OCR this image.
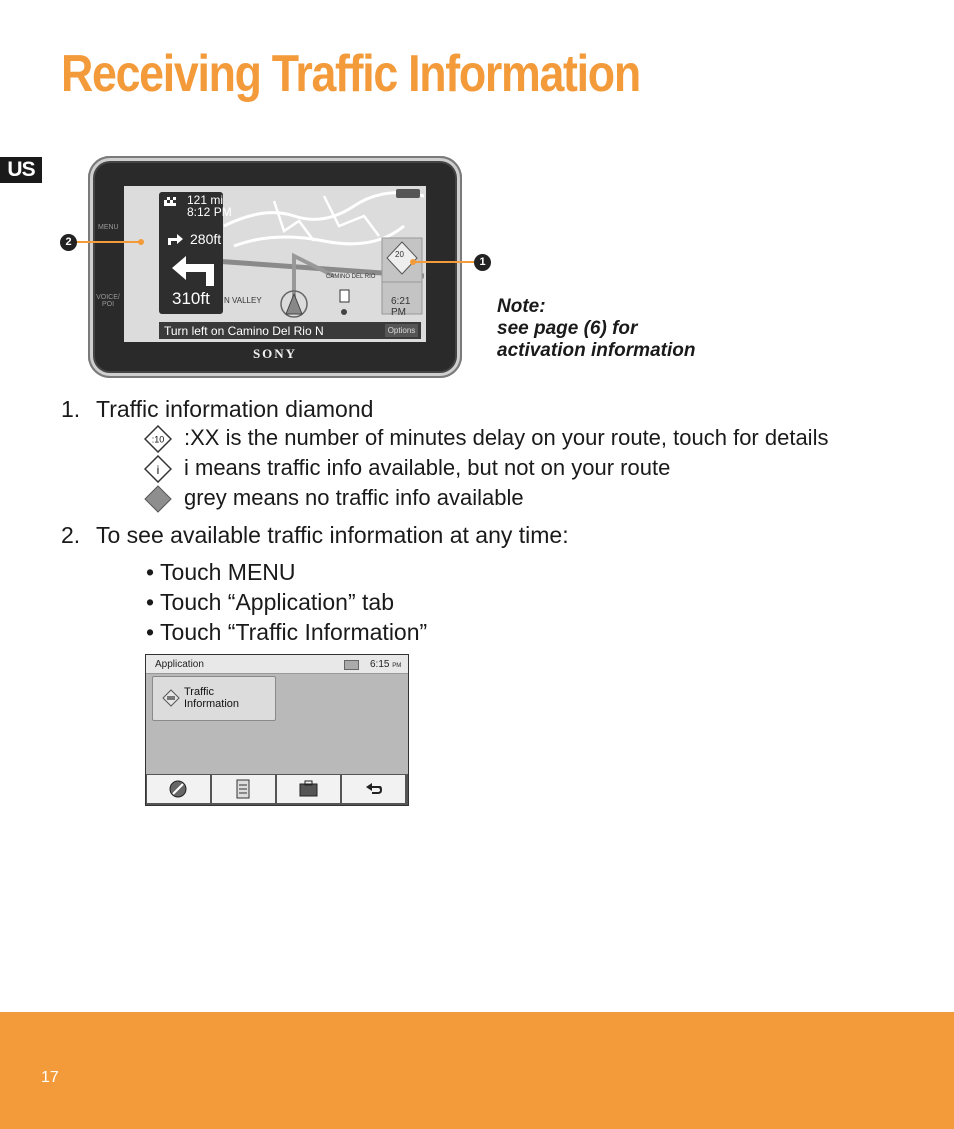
Receiving Traffic Information
US
MENU
VOICE/ POI
121 mi
8:12 PM
280ft
310ft N VALLEY
CAMINO DEL RIO
6:21 PM
20
Turn left on Camino Del Rio N	Options
SONY
2
1
Note:
see page (6) for
activation information
1. Traffic information diamond
:10 :XX is the number of minutes delay on your route, touch for details
i i means traffic info available, but not on your route
grey means no traffic info available
2. To see available traffic information at any time:
• Touch MENU
• Touch “Application” tab
• Touch “Traffic Information”
Application	6:15 PM
Traffic
Information
17
